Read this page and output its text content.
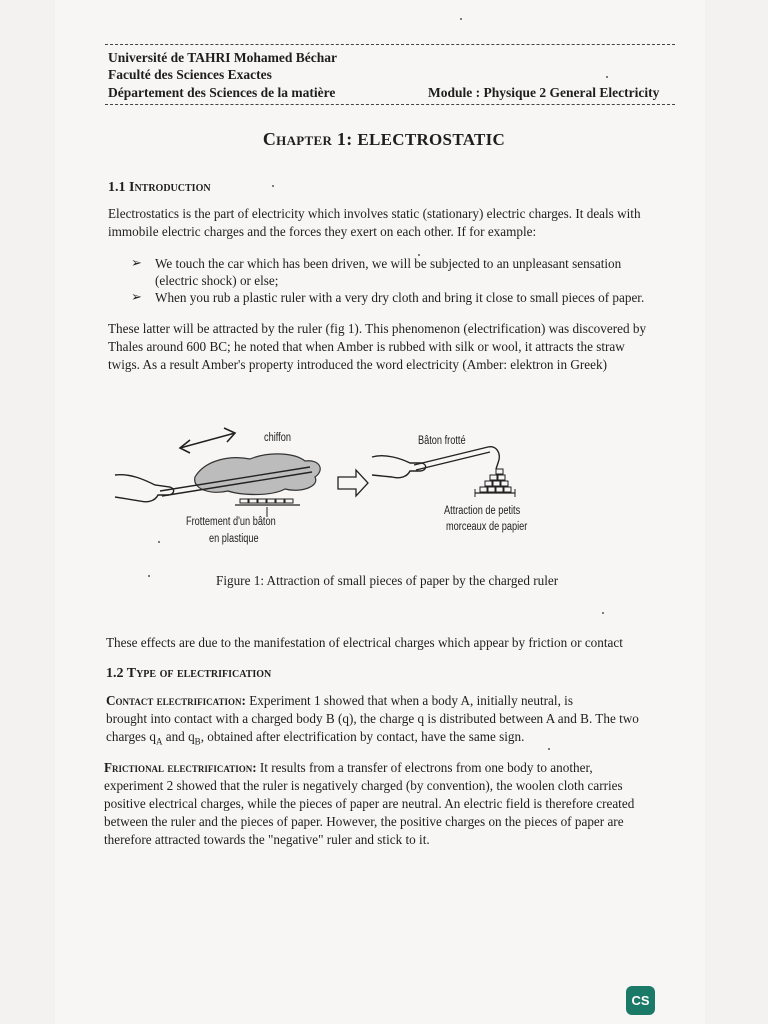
Université de TAHRI Mohamed Béchar
Faculté des Sciences Exactes
Département des Sciences de la matière	Module : Physique 2 General Electricity
Chapter 1: ELECTROSTATIC
1.1 Introduction
Electrostatics is the part of electricity which involves static (stationary) electric charges. It deals with
immobile electric charges and the forces they exert on each other. If for example:
➢ We touch the car which has been driven, we will be subjected to an unpleasant sensation
(electric shock) or else;
➢ When you rub a plastic ruler with a very dry cloth and bring it close to small pieces of paper.
These latter will be attracted by the ruler (fig 1). This phenomenon (electrification) was discovered by
Thales around 600 BC; he noted that when Amber is rubbed with silk or wool, it attracts the straw
twigs. As a result Amber's property introduced the word electricity (Amber: elektron in Greek)
chiffon
Frottement d'un bâton
en plastique
Bâton frotté
Attraction de petits
morceaux de papier
Figure 1: Attraction of small pieces of paper by the charged ruler
These effects are due to the manifestation of electrical charges which appear by friction or contact
1.2 Type of electrification
Contact electrification: Experiment 1 showed that when a body A, initially neutral, is
brought into contact with a charged body B (q), the charge q is distributed between A and B. The two
charges $q_A$ and $q_B$, obtained after electrification by contact, have the same sign.
Frictional electrification: It results from a transfer of electrons from one body to another,
experiment 2 showed that the ruler is negatively charged (by convention), the woolen cloth carries
positive electrical charges, while the pieces of paper are neutral. An electric field is therefore created
between the ruler and the pieces of paper. However, the positive charges on the pieces of paper are
therefore attracted towards the "negative" ruler and stick to it.
CS
